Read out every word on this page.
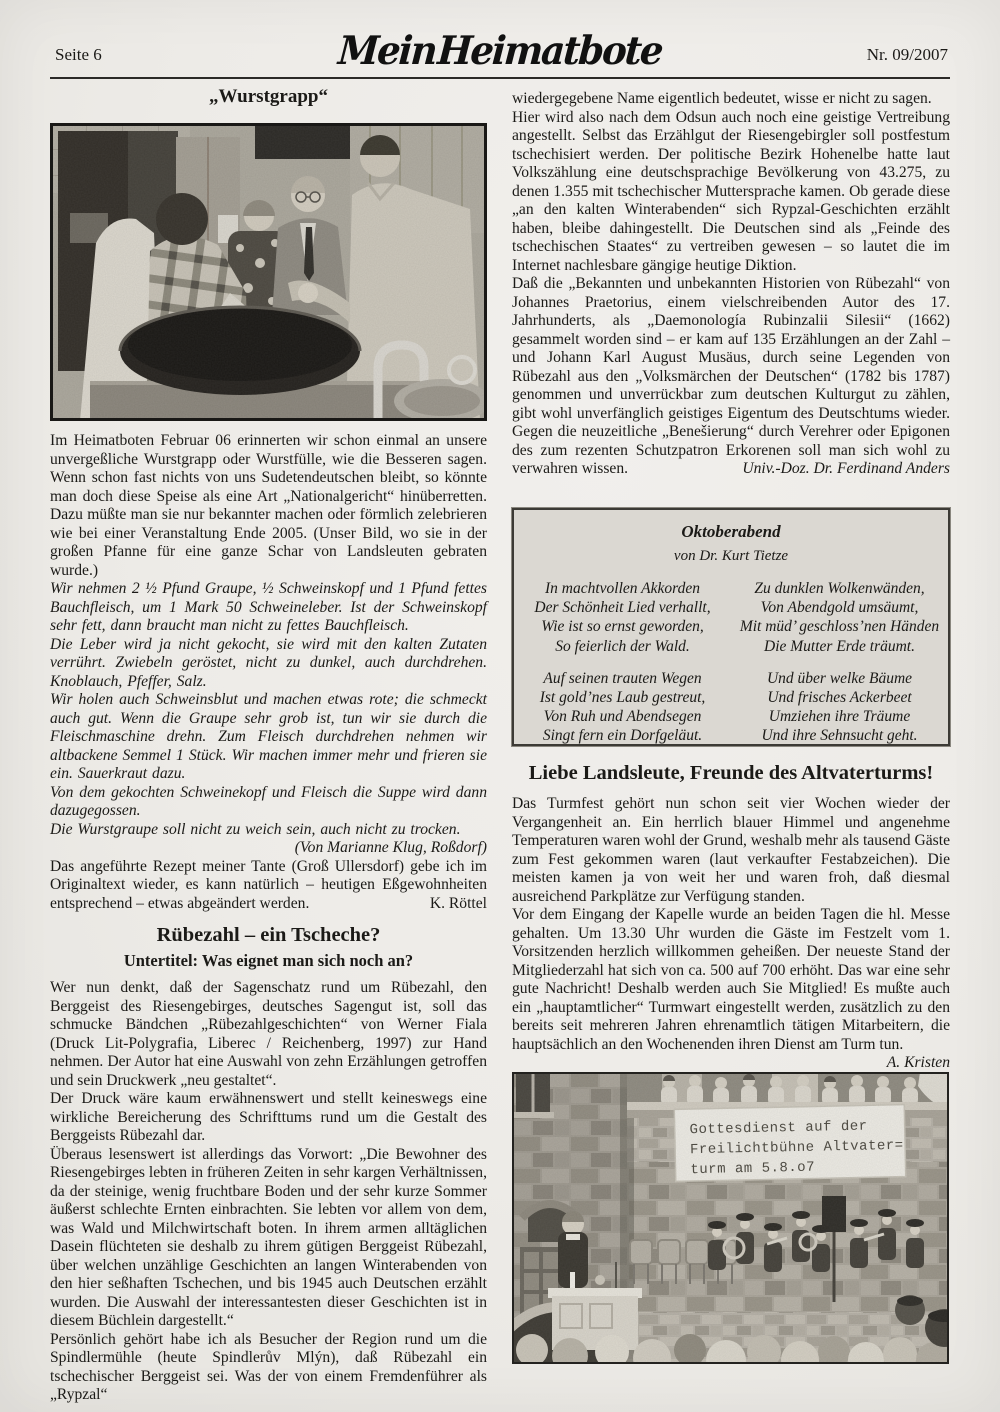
Seite 6	Mein Heimatbote	Nr. 09/2007
„Wurstgrapp“

Im Heimatboten Februar 06 erinnerten wir schon einmal an unsere unvergeßliche Wurstgrapp oder Wurstfülle, wie die Besseren sagen. Wenn schon fast nichts von uns Sudetendeutschen bleibt, so könnte man doch diese Speise als eine Art „Nationalgericht“ hinüberretten. Dazu müßte man sie nur bekannter machen oder förmlich zelebrieren wie bei einer Veranstaltung Ende 2005. (Unser Bild, wo sie in der großen Pfanne für eine ganze Schar von Landsleuten gebraten wurde.)

Wir nehmen 2 ½ Pfund Graupe, ½ Schweinskopf und 1 Pfund fettes Bauchfleisch, um 1 Mark 50 Schweineleber. Ist der Schweinskopf sehr fett, dann braucht man nicht zu fettes Bauchfleisch.

Die Leber wird ja nicht gekocht, sie wird mit den kalten Zutaten verrührt. Zwiebeln geröstet, nicht zu dunkel, auch durchdrehen. Knoblauch, Pfeffer, Salz.

Wir holen auch Schweinsblut und machen etwas rote; die schmeckt auch gut. Wenn die Graupe sehr grob ist, tun wir sie durch die Fleischmaschine drehn. Zum Fleisch durchdrehen nehmen wir altbackene Semmel 1 Stück. Wir machen immer mehr und frieren sie ein. Sauerkraut dazu.

Von dem gekochten Schweinekopf und Fleisch die Suppe wird dann dazugegossen.

Die Wurstgraupe soll nicht zu weich sein, auch nicht zu trocken.

(Von Marianne Klug, Roßdorf)

Das angeführte Rezept meiner Tante (Groß Ullersdorf) gebe ich im Originaltext wieder, es kann natürlich – heutigen Eßgewohnheiten entsprechend – etwas abgeändert werden.	K. Röttel
Rübezahl – ein Tscheche?
Untertitel: Was eignet man sich noch an?

Wer nun denkt, daß der Sagenschatz rund um Rübezahl, den Berggeist des Riesengebirges, deutsches Sagengut ist, soll das schmucke Bändchen „Rübezahlgeschichten“ von Werner Fiala (Druck Lit-Polygrafia, Liberec / Reichenberg, 1997) zur Hand nehmen. Der Autor hat eine Auswahl von zehn Erzählungen getroffen und sein Druckwerk „neu gestaltet“.

Der Druck wäre kaum erwähnenswert und stellt keineswegs eine wirkliche Bereicherung des Schrifttums rund um die Gestalt des Berggeists Rübezahl dar.

Überaus lesenswert ist allerdings das Vorwort: „Die Bewohner des Riesengebirges lebten in früheren Zeiten in sehr kargen Verhältnissen, da der steinige, wenig fruchtbare Boden und der sehr kurze Sommer äußerst schlechte Ernten einbrachten. Sie lebten vor allem von dem, was Wald und Milchwirtschaft boten. In ihrem armen alltäglichen Dasein flüchteten sie deshalb zu ihrem gütigen Berggeist Rübezahl, über welchen unzählige Geschichten an langen Winterabenden von den hier seßhaften Tschechen, und bis 1945 auch Deutschen erzählt wurden. Die Auswahl der interessantesten dieser Geschichten ist in diesem Büchlein dargestellt.“

Persönlich gehört habe ich als Besucher der Region rund um die Spindlermühle (heute Spindlerův Mlýn), daß Rübezahl ein tschechischer Berggeist sei. Was der von einem Fremdenführer als „Rypzal“

wiedergegebene Name eigentlich bedeutet, wisse er nicht zu sagen.

Hier wird also nach dem Odsun auch noch eine geistige Vertreibung angestellt. Selbst das Erzählgut der Riesengebirgler soll postfestum tschechisiert werden. Der politische Bezirk Hohenelbe hatte laut Volkszählung eine deutschsprachige Bevölkerung von 43.275, zu denen 1.355 mit tschechischer Muttersprache kamen. Ob gerade diese „an den kalten Winterabenden“ sich Rypzal-Geschichten erzählt haben, bleibe dahingestellt. Die Deutschen sind als „Feinde des tschechischen Staates“ zu vertreiben gewesen – so lautet die im Internet nachlesbare gängige heutige Diktion.

Daß die „Bekannten und unbekannten Historien von Rübezahl“ von Johannes Praetorius, einem vielschreibenden Autor des 17. Jahrhunderts, als „Daemonología Rubinzalii Silesii“ (1662) gesammelt worden sind – er kam auf 135 Erzählungen an der Zahl – und Johann Karl August Musäus, durch seine Legenden von Rübezahl aus den „Volksmärchen der Deutschen“ (1782 bis 1787) genommen und unverrückbar zum deutschen Kulturgut zu zählen, gibt wohl unverfänglich geistiges Eigentum des Deutschtums wieder. Gegen die neuzeitliche „Benešierung“ durch Verehrer oder Epigonen des zum rezenten Schutzpatron Erkorenen soll man sich wohl zu verwahren wissen.	Univ.-Doz. Dr. Ferdinand Anders
Oktoberabend
von Dr. Kurt Tietze
In machtvollen Akkorden
Der Schönheit Lied verhallt,
Wie ist so ernst geworden,
So feierlich der Wald.
Zu dunklen Wolkenwänden,
Von Abendgold umsäumt,
Mit müd’ geschloss’nen Händen
Die Mutter Erde träumt.
Auf seinen trauten Wegen
Ist gold’nes Laub gestreut,
Von Ruh und Abendsegen
Singt fern ein Dorfgeläut.
Und über welke Bäume
Und frisches Ackerbeet
Umziehen ihre Träume
Und ihre Sehnsucht geht.
Liebe Landsleute, Freunde des Altvaterturms!

Das Turmfest gehört nun schon seit vier Wochen wieder der Vergangenheit an. Ein herrlich blauer Himmel und angenehme Temperaturen waren wohl der Grund, weshalb mehr als tausend Gäste zum Fest gekommen waren (laut verkaufter Festabzeichen). Die meisten kamen ja von weit her und waren froh, daß diesmal ausreichend Parkplätze zur Verfügung standen.

Vor dem Eingang der Kapelle wurde an beiden Tagen die hl. Messe gehalten. Um 13.30 Uhr wurden die Gäste im Festzelt vom 1. Vorsitzenden herzlich willkommen geheißen. Der neueste Stand der Mitgliederzahl hat sich von ca. 500 auf 700 erhöht. Das war eine sehr gute Nachricht! Deshalb werden auch Sie Mitglied! Es mußte auch ein „hauptamtlicher“ Turmwart eingestellt werden, zusätzlich zu den bereits seit mehreren Jahren ehrenamtlich tätigen Mitarbeitern, die hauptsächlich an den Wochenenden ihren Dienst am Turm tun.

A. Kristen
Gottesdienst auf der
Freilichtbühne Altvater=
turm am 5.8.o7
